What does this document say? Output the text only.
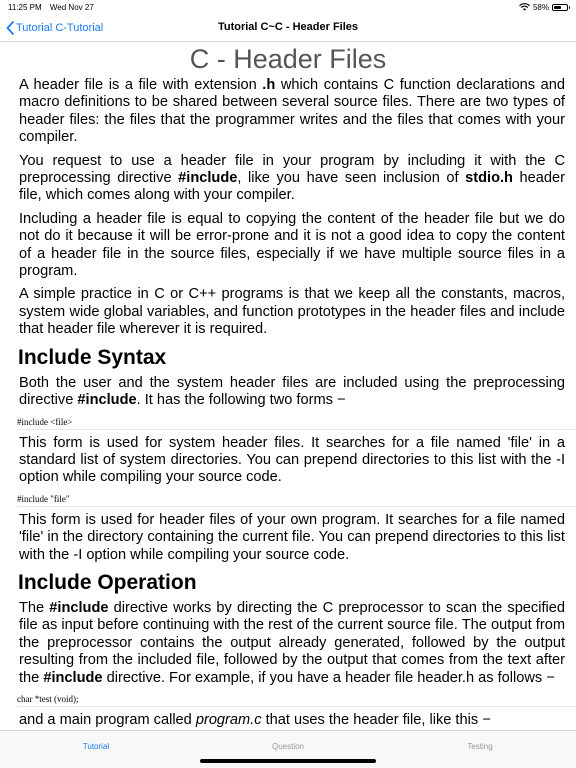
11:25 PM Wed Nov 27	58%
Tutorial C-Tutorial	Tutorial C~C - Header Files
C - Header Files

A header file is a file with extension .h which contains C function declarations and macro definitions to be shared between several source files. There are two types of header files: the files that the programmer writes and the files that comes with your compiler.

You request to use a header file in your program by including it with the C preprocessing directive #include, like you have seen inclusion of stdio.h header file, which comes along with your compiler.

Including a header file is equal to copying the content of the header file but we do not do it because it will be error-prone and it is not a good idea to copy the content of a header file in the source files, especially if we have multiple source files in a program.

A simple practice in C or C++ programs is that we keep all the constants, macros, system wide global variables, and function prototypes in the header files and include that header file wherever it is required.

Include Syntax

Both the user and the system header files are included using the preprocessing directive #include. It has the following two forms −

#include <file>

This form is used for system header files. It searches for a file named 'file' in a standard list of system directories. You can prepend directories to this list with the -I option while compiling your source code.

#include "file"

This form is used for header files of your own program. It searches for a file named 'file' in the directory containing the current file. You can prepend directories to this list with the -I option while compiling your source code.

Include Operation

The #include directive works by directing the C preprocessor to scan the specified file as input before continuing with the rest of the current source file. The output from the preprocessor contains the output already generated, followed by the output resulting from the included file, followed by the output that comes from the text after the #include directive. For example, if you have a header file header.h as follows −

char *test (void);

and a main program called program.c that uses the header file, like this −

Tutorial	Question	Testing
